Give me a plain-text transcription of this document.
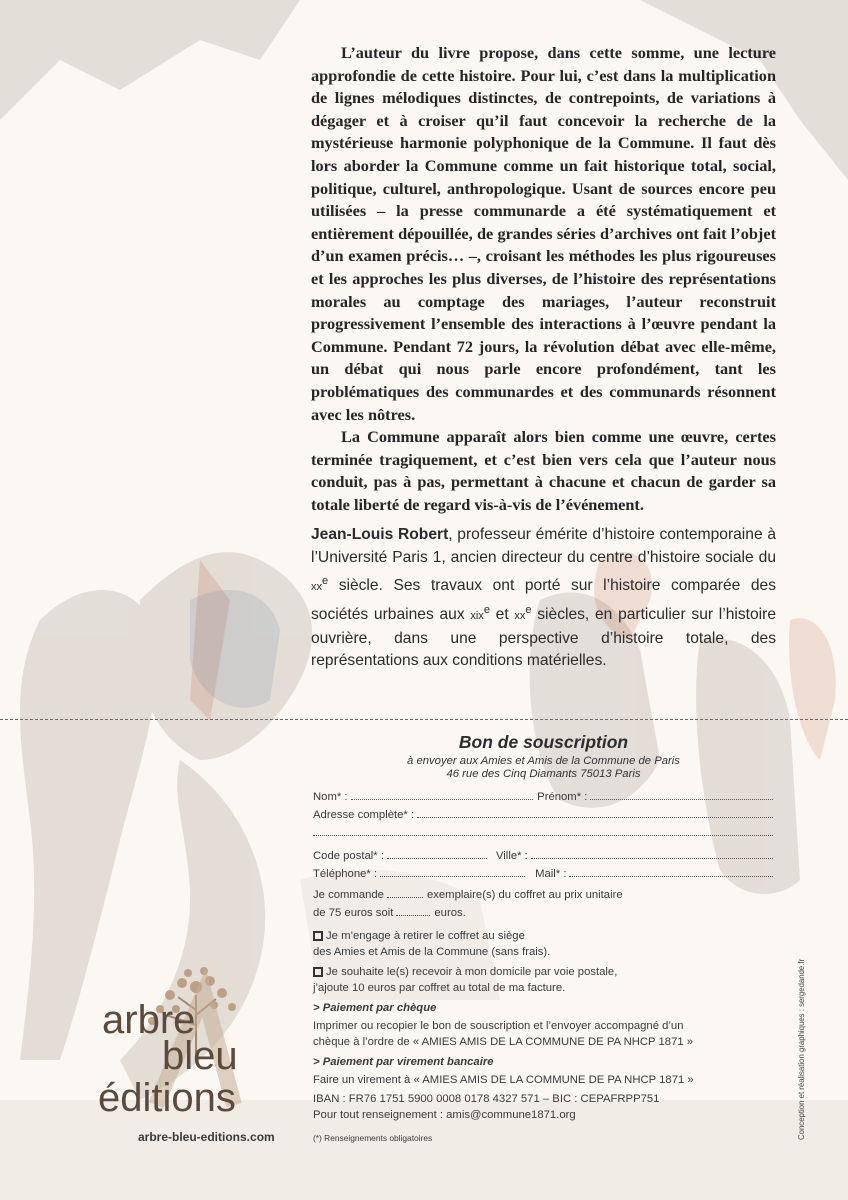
L’auteur du livre propose, dans cette somme, une lecture approfondie de cette histoire. Pour lui, c’est dans la multiplication de lignes mélodiques distinctes, de contrepoints, de variations à dégager et à croiser qu’il faut concevoir la recherche de la mystérieuse harmonie polyphonique de la Commune. Il faut dès lors aborder la Commune comme un fait historique total, social, politique, culturel, anthropologique. Usant de sources encore peu utilisées – la presse communarde a été systématiquement et entièrement dépouillée, de grandes séries d’archives ont fait l’objet d’un examen précis… –, croisant les méthodes les plus rigoureuses et les approches les plus diverses, de l’histoire des représentations morales au comptage des mariages, l’auteur reconstruit progressivement l’ensemble des interactions à l’œuvre pendant la Commune. Pendant 72 jours, la révolution débat avec elle-même, un débat qui nous parle encore profondément, tant les problématiques des communardes et des communards résonnent avec les nôtres.

La Commune apparaît alors bien comme une œuvre, certes terminée tragiquement, et c’est bien vers cela que l’auteur nous conduit, pas à pas, permettant à chacune et chacun de garder sa totale liberté de regard vis-à-vis de l’événement.

Jean-Louis Robert, professeur émérite d’histoire contemporaine à l’Université Paris 1, ancien directeur du centre d’histoire sociale du $xx^e$ siècle. Ses travaux ont porté sur l’histoire comparée des sociétés urbaines aux xix$^e$ et $xx^e$ siècles, en particulier sur l’histoire ouvrière, dans une perspective d’histoire totale, des représentations aux conditions matérielles.
Bon de souscription
à envoyer aux Amies et Amis de la Commune de Paris
46 rue des Cinq Diamants 75013 Paris
Nom* :	Prénom* :
Adresse complète* :
Code postal* :	Ville* :
Téléphone* :	Mail* :
Je commande	exemplaire(s) du coffret au prix unitaire
de 75 euros soit	euros.

Je m’engage à retirer le coffret au siège

des Amies et Amis de la Commune (sans frais).

Je souhaite le(s) recevoir à mon domicile par voie postale,

j’ajoute 10 euros par coffret au total de ma facture.

> Paiement par chèque

Imprimer ou recopier le bon de souscription et l’envoyer accompagné d’un

chèque à l’ordre de « AMIES AMIS DE LA COMMUNE DE PA NHCP 1871 »

> Paiement par virement bancaire

Faire un virement à « AMIES AMIS DE LA COMMUNE DE PA NHCP 1871 »

IBAN : FR76 1751 5900 0008 0178 4327 571 – BIC : CEPAFRPP751

Pour tout renseignement : amis@commune1871.org

(*) Renseignements obligatoires

arbre
bleu
éditions
arbre-bleu-editions.com	Conception et réalisation graphiques : sergedande.fr
